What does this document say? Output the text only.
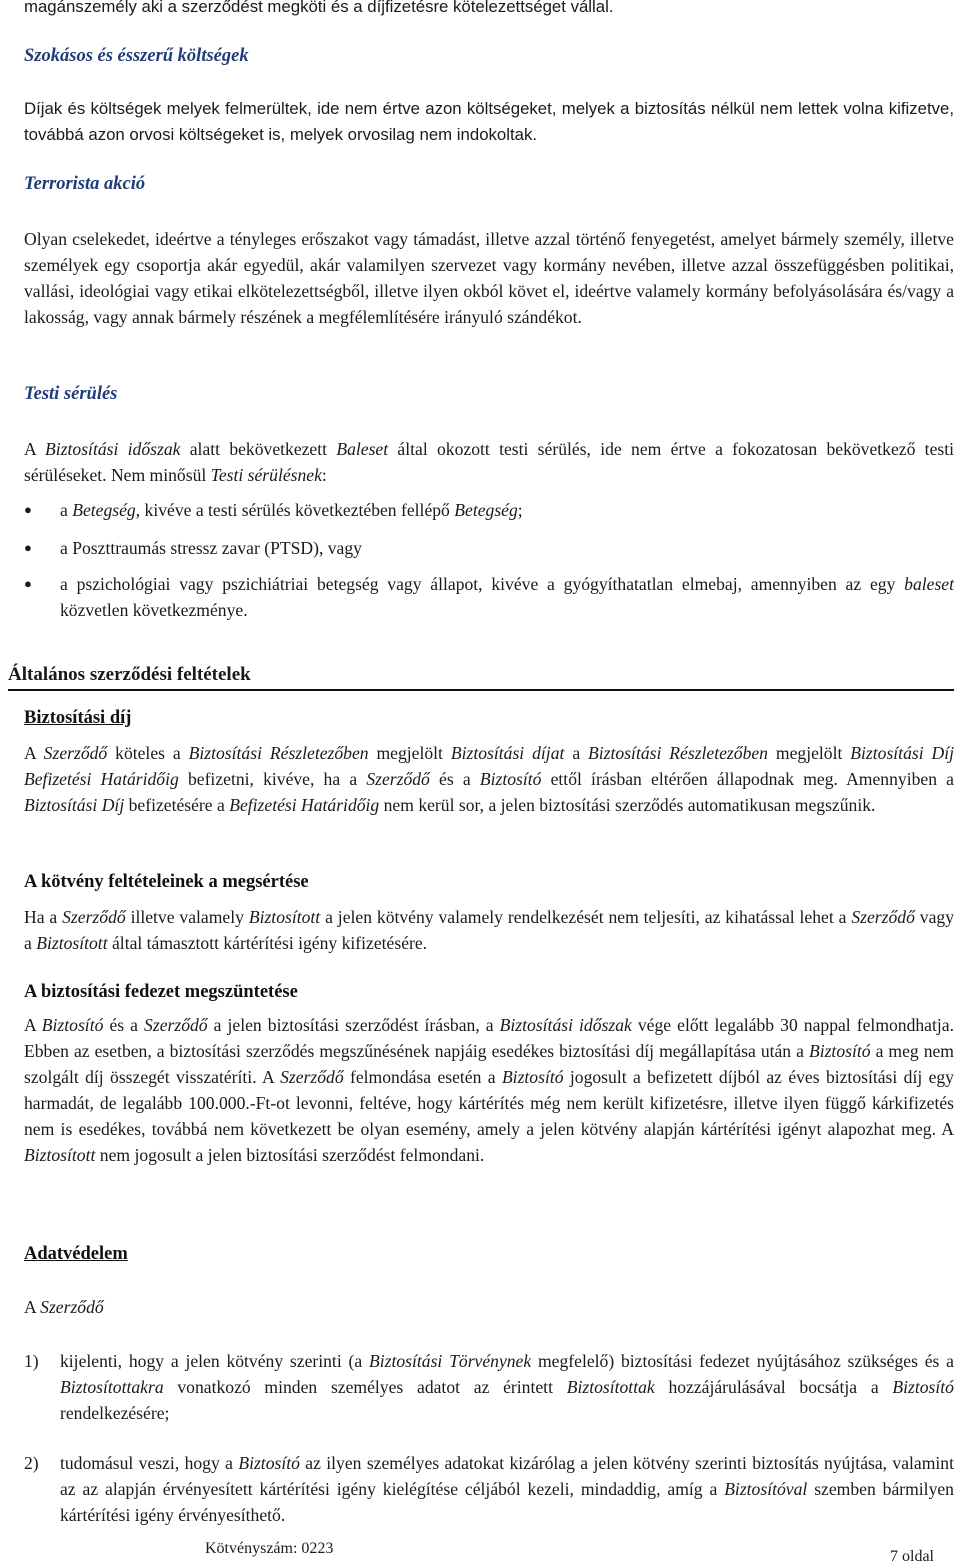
magánszemély aki a szerződést megköti és a díjfizetésre kötelezettséget vállal.

Szokásos és ésszerű költségek

Díjak és költségek melyek felmerültek, ide nem értve azon költségeket, melyek a biztosítás nélkül nem lettek volna kifizetve, továbbá azon orvosi költségeket is, melyek orvosilag nem indokoltak.

Terrorista akció

Olyan cselekedet, ideértve a tényleges erőszakot vagy támadást, illetve azzal történő fenyegetést, amelyet bármely személy, illetve személyek egy csoportja akár egyedül, akár valamilyen szervezet vagy kormány nevében, illetve azzal összefüggésben politikai, vallási, ideológiai vagy etikai elkötelezettségből, illetve ilyen okból követ el, ideértve valamely kormány befolyásolására és/vagy a lakosság, vagy annak bármely részének a megfélemlítésére irányuló szándékot.

Testi sérülés

A Biztosítási időszak alatt bekövetkezett Baleset által okozott testi sérülés, ide nem értve a fokozatosan bekövetkező testi sérüléseket. Nem minősül Testi sérülésnek:

● a Betegség, kivéve a testi sérülés következtében fellépő Betegség;

● a Poszttraumás stressz zavar (PTSD), vagy

● a pszichológiai vagy pszichiátriai betegség vagy állapot, kivéve a gyógyíthatatlan elmebaj, amennyiben az egy baleset közvetlen következménye.

Általános szerződési feltételek
Biztosítási díj

A Szerződő köteles a Biztosítási Részletezőben megjelölt Biztosítási díjat a Biztosítási Részletezőben megjelölt Biztosítási Díj Befizetési Határidőig befizetni, kivéve, ha a Szerződő és a Biztosító ettől írásban eltérően állapodnak meg. Amennyiben a Biztosítási Díj befizetésére a Befizetési Határidőig nem kerül sor, a jelen biztosítási szerződés automatikusan megszűnik.

A kötvény feltételeinek a megsértése

Ha a Szerződő illetve valamely Biztosított a jelen kötvény valamely rendelkezését nem teljesíti, az kihatással lehet a Szerződő vagy a Biztosított által támasztott kártérítési igény kifizetésére.

A biztosítási fedezet megszüntetése

A Biztosító és a Szerződő a jelen biztosítási szerződést írásban, a Biztosítási időszak vége előtt legalább 30 nappal felmondhatja. Ebben az esetben, a biztosítási szerződés megszűnésének napjáig esedékes biztosítási díj megállapítása után a Biztosító a meg nem szolgált díj összegét visszatéríti. A Szerződő felmondása esetén a Biztosító jogosult a befizetett díjból az éves biztosítási díj egy harmadát, de legalább 100.000.-Ft-ot levonni, feltéve, hogy kártérítés még nem került kifizetésre, illetve ilyen függő kárkifizetés nem is esedékes, továbbá nem következett be olyan esemény, amely a jelen kötvény alapján kártérítési igényt alapozhat meg. A Biztosított nem jogosult a jelen biztosítási szerződést felmondani.

Adatvédelem

A Szerződő

1) kijelenti, hogy a jelen kötvény szerinti (a Biztosítási Törvénynek megfelelő) biztosítási fedezet nyújtásához szükséges és a Biztosítottakra vonatkozó minden személyes adatot az érintett Biztosítottak hozzájárulásával bocsátja a Biztosító rendelkezésére;

2) tudomásul veszi, hogy a Biztosító az ilyen személyes adatokat kizárólag a jelen kötvény szerinti biztosítás nyújtása, valamint az az alapján érvényesített kártérítési igény kielégítése céljából kezeli, mindaddig, amíg a Biztosítóval szemben bármilyen kártérítési igény érvényesíthető.

Kötvényszám: 0223	7 oldal
